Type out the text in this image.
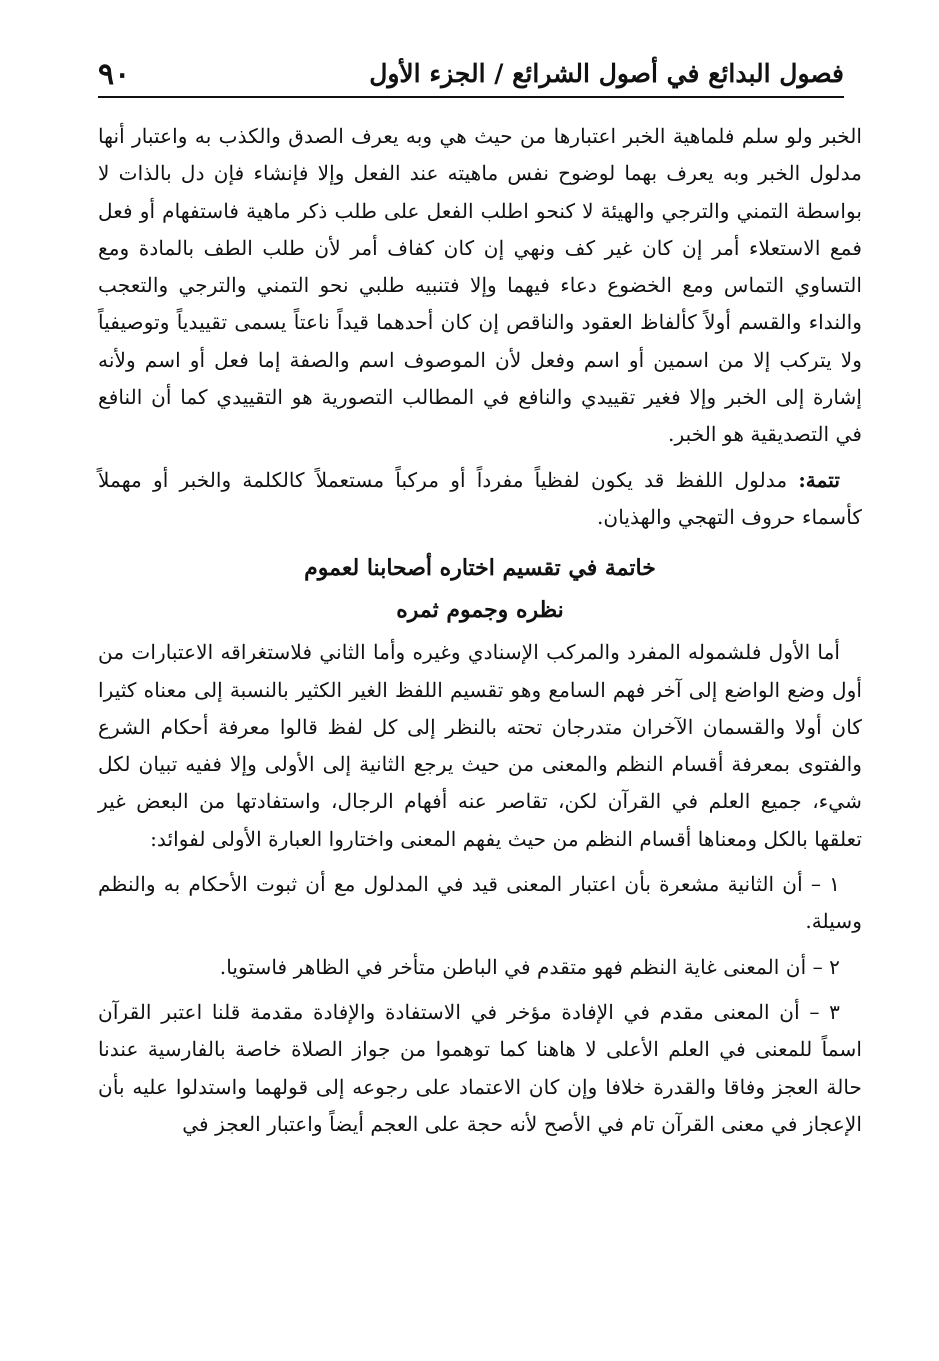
فصول البدائع في أصول الشرائع / الجزء الأول
٩٠

الخبر ولو سلم فلماهية الخبر اعتبارها من حيث هي وبه يعرف الصدق والكذب به واعتبار أنها مدلول الخبر وبه يعرف بهما لوضوح نفس ماهيته عند الفعل وإلا فإنشاء فإن دل بالذات لا بواسطة التمني والترجي والهيئة لا كنحو اطلب الفعل على طلب ذكر ماهية فاستفهام أو فعل فمع الاستعلاء أمر إن كان غير كف ونهي إن كان كفاف أمر لأن طلب الطف بالمادة ومع التساوي التماس ومع الخضوع دعاء فيهما وإلا فتنبيه طلبي نحو التمني والترجي والتعجب والنداء والقسم أولاً كألفاظ العقود والناقص إن كان أحدهما قيداً ناعتاً يسمى تقييدياً وتوصيفياً ولا يتركب إلا من اسمين أو اسم وفعل لأن الموصوف اسم والصفة إما فعل أو اسم ولأنه إشارة إلى الخبر وإلا فغير تقييدي والنافع في المطالب التصورية هو التقييدي كما أن النافع في التصديقية هو الخبر.

تتمة: مدلول اللفظ قد يكون لفظياً مفرداً أو مركباً مستعملاً كالكلمة والخبر أو مهملاً كأسماء حروف التهجي والهذيان.

خاتمة في تقسيم اختاره أصحابنا لعموم

نظره وجموم ثمره

أما الأول فلشموله المفرد والمركب الإسنادي وغيره وأما الثاني فلاستغراقه الاعتبارات من أول وضع الواضع إلى آخر فهم السامع وهو تقسيم اللفظ الغير الكثير بالنسبة إلى معناه كثيرا كان أولا والقسمان الآخران متدرجان تحته بالنظر إلى كل لفظ قالوا معرفة أحكام الشرع والفتوى بمعرفة أقسام النظم والمعنى من حيث يرجع الثانية إلى الأولى وإلا ففيه تبيان لكل شيء، جميع العلم في القرآن لكن، تقاصر عنه أفهام الرجال، واستفادتها من البعض غير تعلقها بالكل ومعناها أقسام النظم من حيث يفهم المعنى واختاروا العبارة الأولى لفوائد:

١ – أن الثانية مشعرة بأن اعتبار المعنى قيد في المدلول مع أن ثبوت الأحكام به والنظم وسيلة.

٢ – أن المعنى غاية النظم فهو متقدم في الباطن متأخر في الظاهر فاستويا.

٣ – أن المعنى مقدم في الإفادة مؤخر في الاستفادة والإفادة مقدمة قلنا اعتبر القرآن اسماً للمعنى في العلم الأعلى لا هاهنا كما توهموا من جواز الصلاة خاصة بالفارسية عندنا حالة العجز وفاقا والقدرة خلافا وإن كان الاعتماد على رجوعه إلى قولهما واستدلوا عليه بأن الإعجاز في معنى القرآن تام في الأصح لأنه حجة على العجم أيضاً واعتبار العجز في
